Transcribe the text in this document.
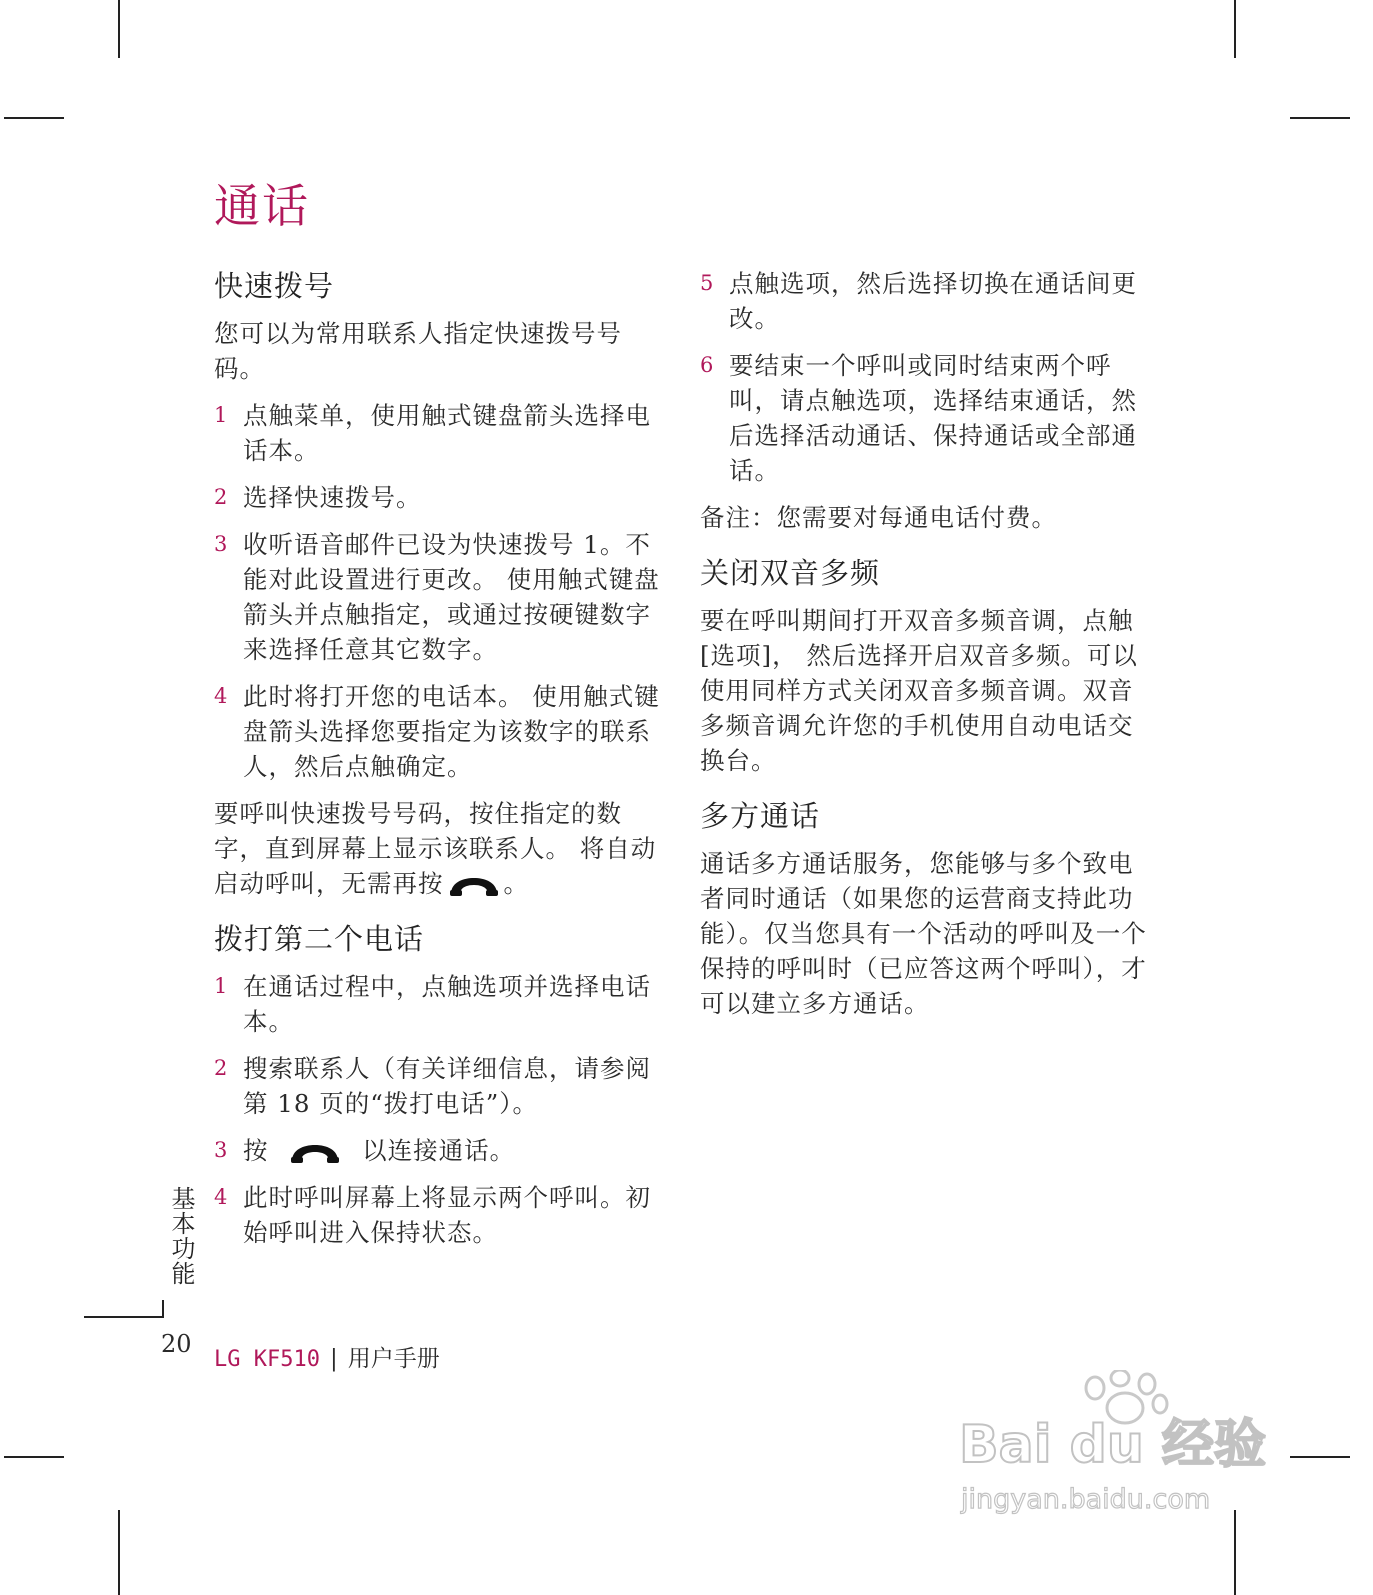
通话
快速拨号

您可以为常用联系人指定快速拨号号码。

1 点触菜单，使用触式键盘箭头选择电话本。
2 选择快速拨号。
3 收听语音邮件已设为快速拨号 1。不能对此设置进行更改。 使用触式键盘箭头并点触指定，或通过按硬键数字来选择任意其它数字。
4 此时将打开您的电话本。 使用触式键盘箭头选择您要指定为该数字的联系人，然后点触确定。

要呼叫快速拨号号码，按住指定的数字，直到屏幕上显示该联系人。 将自动启动呼叫，无需再按 。

拨打第二个电话
1 在通话过程中，点触选项并选择电话本。
2 搜索联系人（有关详细信息，请参阅第 18 页的“拨打电话”）。
3 按	以连接通话。
4 此时呼叫屏幕上将显示两个呼叫。初始呼叫进入保持状态。
5 点触选项，然后选择切换在通话间更改。
6 要结束一个呼叫或同时结束两个呼叫，请点触选项，选择结束通话，然后选择活动通话、保持通话或全部通话。

备注：您需要对每通电话付费。

关闭双音多频

要在呼叫期间打开双音多频音调，点触[选项]， 然后选择开启双音多频。可以使用同样方式关闭双音多频音调。双音多频音调允许您的手机使用自动电话交换台。

多方通话

通话多方通话服务，您能够与多个致电者同时通话（如果您的运营商支持此功能）。仅当您具有一个活动的呼叫及一个保持的呼叫时（已应答这两个呼叫），才可以建立多方通话。

基本功能
20
LG KF510 | 用户手册
Bai du 经验
jingyan.baidu.com
